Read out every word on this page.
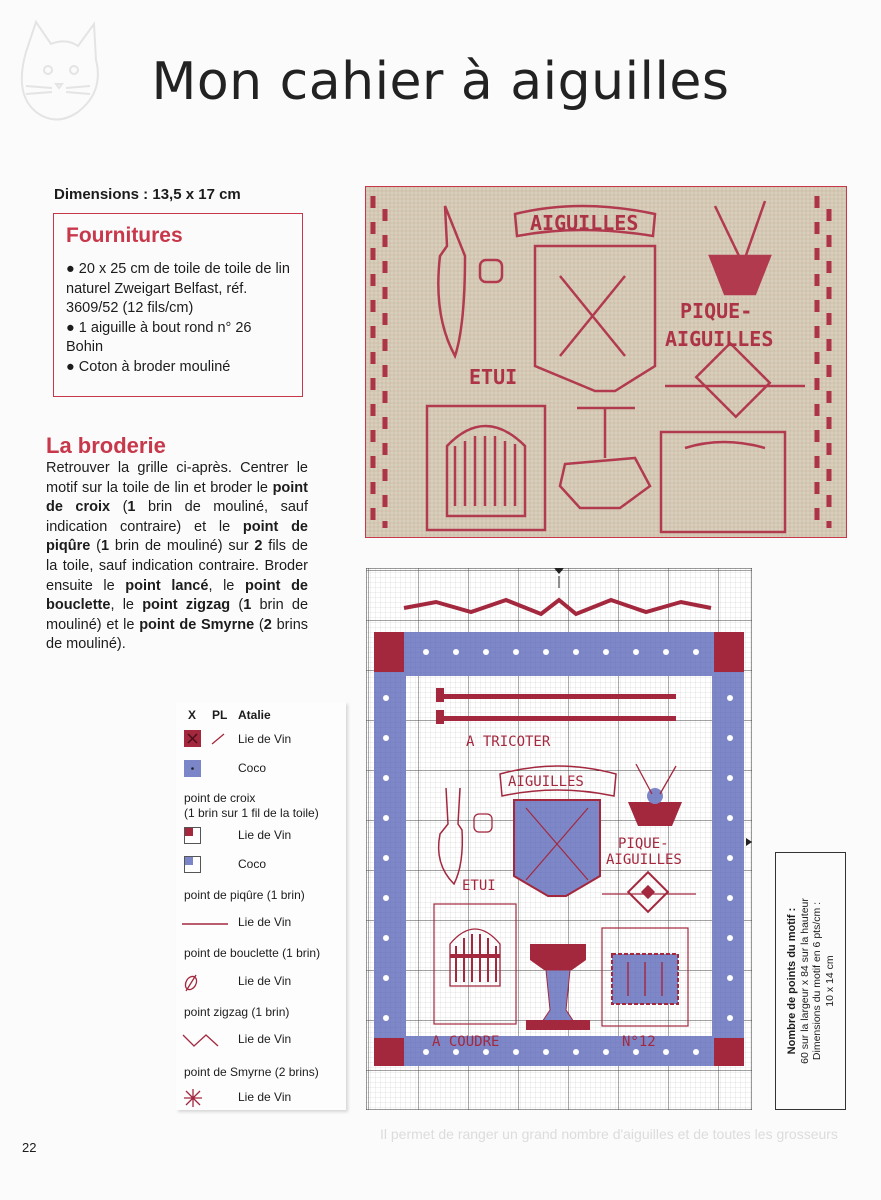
Mon cahier à aiguilles
Dimensions : 13,5 x 17 cm
Fournitures

● 20 x 25 cm de toile de toile de lin naturel Zweigart Belfast, réf. 3609/52 (12 fils/cm)

● 1 aiguille à bout rond n° 26 Bohin

● Coton à broder mouliné

La broderie

Retrouver la grille ci-après. Centrer le motif sur la toile de lin et broder le point de croix (1 brin de mouliné, sauf indication contraire) et le point de piqûre (1 brin de mouliné) sur 2 fils de la toile, sauf indication contraire. Broder ensuite le point lancé, le point de bouclette, le point zigzag (1 brin de mouliné) et le point de Smyrne (2 brins de mouliné).

X PL Atalie
Lie de Vin
Coco
point de croix
(1 brin sur 1 fil de la toile)
Lie de Vin
Coco
point de piqûre (1 brin)
Lie de Vin
point de bouclette (1 brin)
Lie de Vin
point zigzag (1 brin)
Lie de Vin
point de Smyrne (2 brins)
Lie de Vin
AIGUILLES
PIQUE-
AIGUILLES
ETUI
A TRICOTER
AIGUILLES
PIQUE-
AIGUILLES
ETUI
A COUDRE	N°12	Nombre de points du motif : 60 sur la largeur x 84 sur la hauteur Dimensions du motif en 6 pts/cm : 10 x 14 cm
Il permet de ranger un grand nombre d'aiguilles et de toutes les grosseurs
22
